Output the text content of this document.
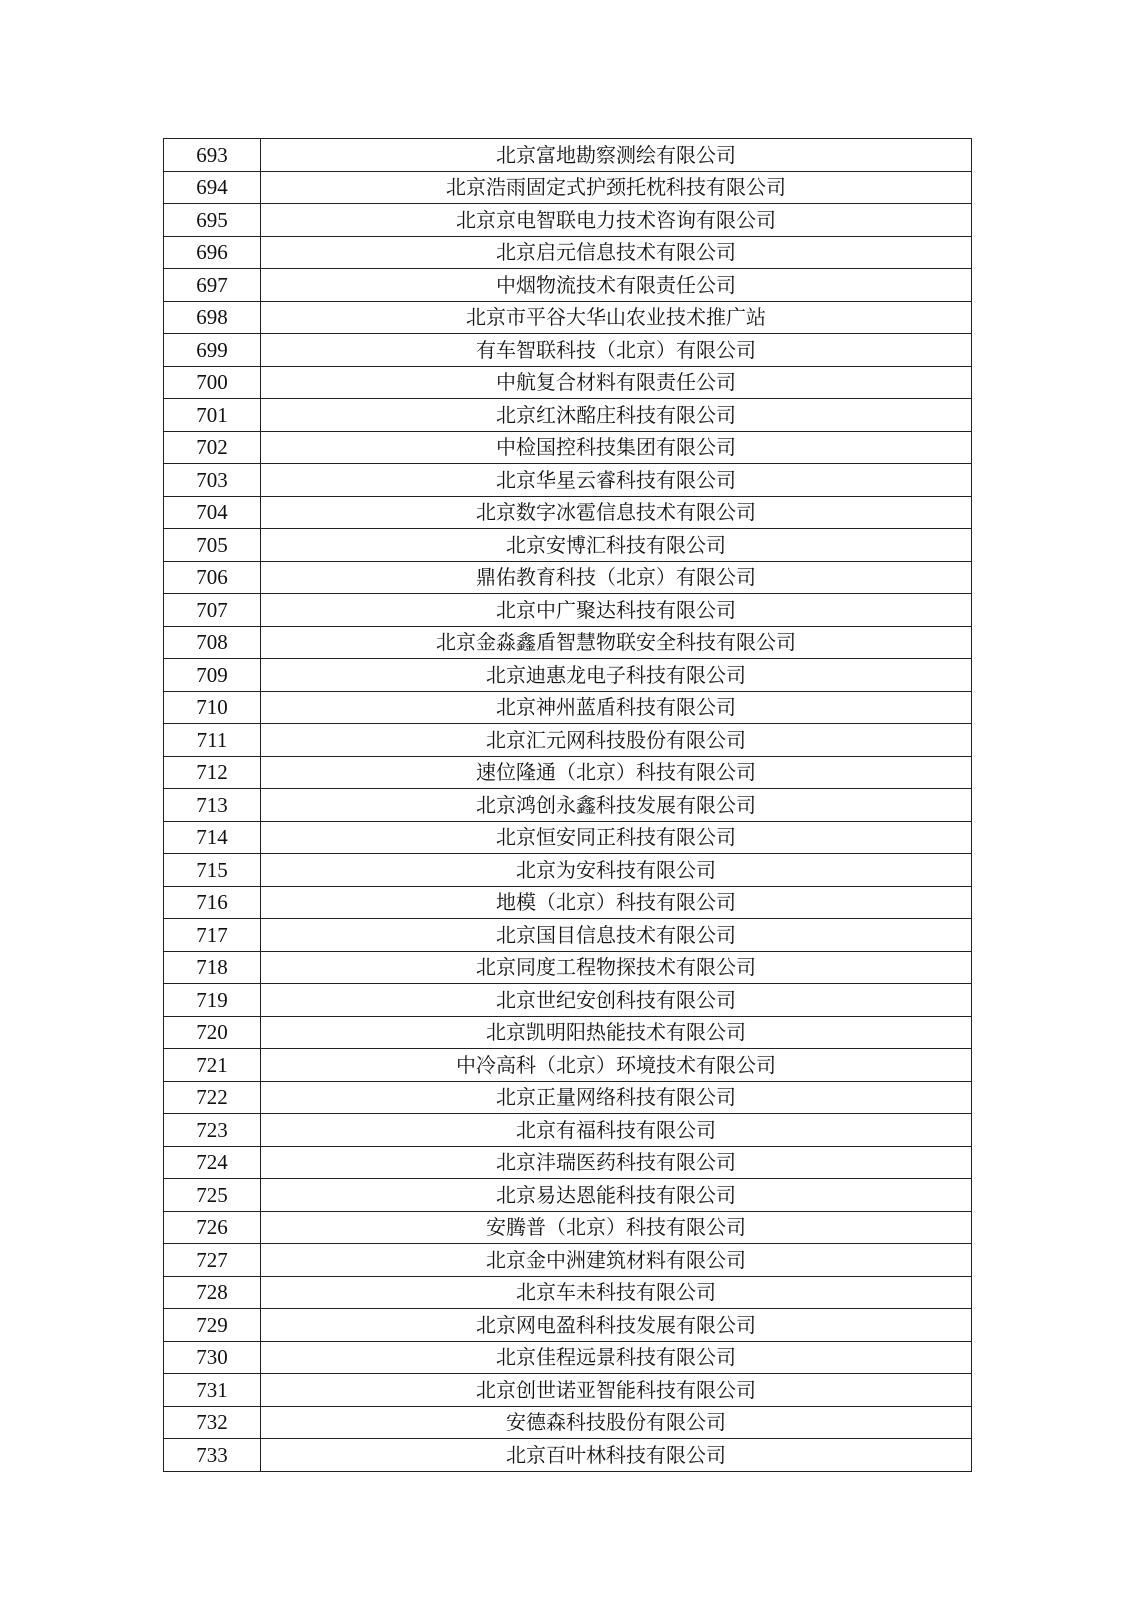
693	北京富地勘察测绘有限公司
694	北京浩雨固定式护颈托枕科技有限公司
695	北京京电智联电力技术咨询有限公司
696	北京启元信息技术有限公司
697	中烟物流技术有限责任公司
698	北京市平谷大华山农业技术推广站
699	有车智联科技（北京）有限公司
700	中航复合材料有限责任公司
701	北京红沐酩庄科技有限公司
702	中检国控科技集团有限公司
703	北京华星云睿科技有限公司
704	北京数字冰雹信息技术有限公司
705	北京安博汇科技有限公司
706	鼎佑教育科技（北京）有限公司
707	北京中广聚达科技有限公司
708	北京金淼鑫盾智慧物联安全科技有限公司
709	北京迪惠龙电子科技有限公司
710	北京神州蓝盾科技有限公司
711	北京汇元网科技股份有限公司
712	速位隆通（北京）科技有限公司
713	北京鸿创永鑫科技发展有限公司
714	北京恒安同正科技有限公司
715	北京为安科技有限公司
716	地模（北京）科技有限公司
717	北京国目信息技术有限公司
718	北京同度工程物探技术有限公司
719	北京世纪安创科技有限公司
720	北京凯明阳热能技术有限公司
721	中冷高科（北京）环境技术有限公司
722	北京正量网络科技有限公司
723	北京有福科技有限公司
724	北京沣瑞医药科技有限公司
725	北京易达恩能科技有限公司
726	安腾普（北京）科技有限公司
727	北京金中洲建筑材料有限公司
728	北京车未科技有限公司
729	北京网电盈科科技发展有限公司
730	北京佳程远景科技有限公司
731	北京创世诺亚智能科技有限公司
732	安德森科技股份有限公司
733	北京百叶林科技有限公司
